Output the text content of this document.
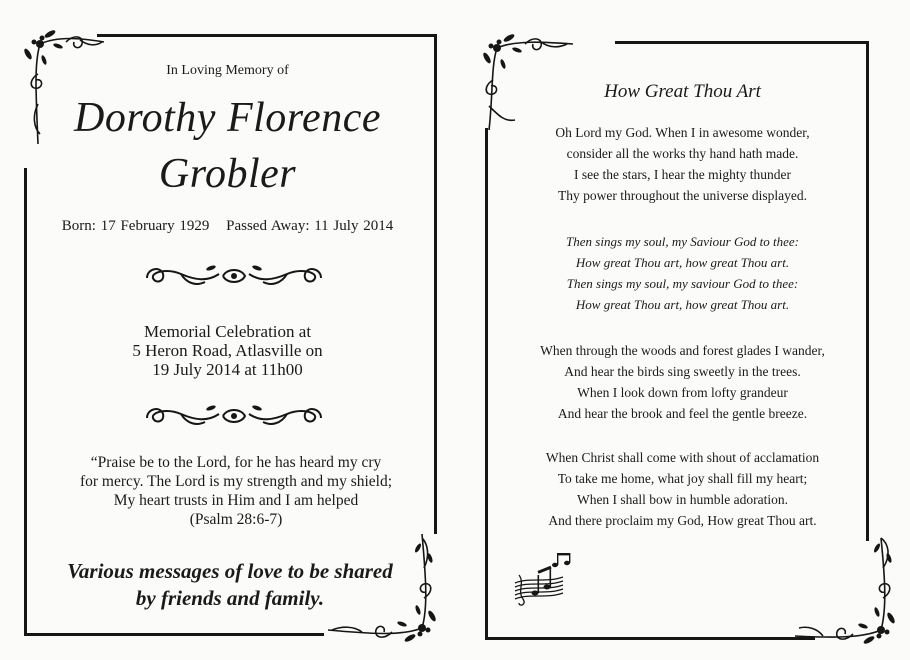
In Loving Memory of
Dorothy Florence
Grobler
Born: 17 February 1929 Passed Away: 11 July 2014
Memorial Celebration at
5 Heron Road, Atlasville on
19 July 2014 at 11h00
“Praise be to the Lord, for he has heard my cry
for mercy. The Lord is my strength and my shield;
My heart trusts in Him and I am helped
(Psalm 28:6-7)
Various messages of love to be shared
by friends and family.
How Great Thou Art
Oh Lord my God. When I in awesome wonder,
consider all the works thy hand hath made.
I see the stars, I hear the mighty thunder
Thy power throughout the universe displayed.
Then sings my soul, my Saviour God to thee:
How great Thou art, how great Thou art.
Then sings my soul, my saviour God to thee:
How great Thou art, how great Thou art.
When through the woods and forest glades I wander,
And hear the birds sing sweetly in the trees.
When I look down from lofty grandeur
And hear the brook and feel the gentle breeze.
When Christ shall come with shout of acclamation
To take me home, what joy shall fill my heart;
When I shall bow in humble adoration.
And there proclaim my God, How great Thou art.
